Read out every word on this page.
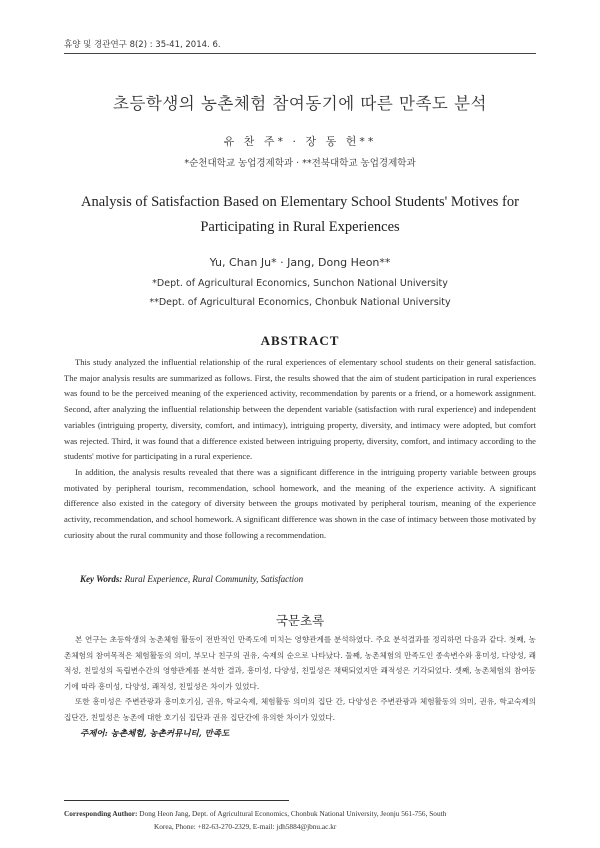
휴양 및 경관연구 8(2) : 35-41, 2014. 6.
초등학생의 농촌체험 참여동기에 따른 만족도 분석
유 찬 주* · 장 동 헌**
*순천대학교 농업경제학과 · **전북대학교 농업경제학과
Analysis of Satisfaction Based on Elementary School Students' Motives for
Participating in Rural Experiences
Yu, Chan Ju* · Jang, Dong Heon**
*Dept. of Agricultural Economics, Sunchon National University
**Dept. of Agricultural Economics, Chonbuk National University
ABSTRACT

This study analyzed the influential relationship of the rural experiences of elementary school students on their general satisfaction. The major analysis results are summarized as follows. First, the results showed that the aim of student participation in rural experiences was found to be the perceived meaning of the experienced activity, recommendation by parents or a friend, or a homework assignment. Second, after analyzing the influential relationship between the dependent variable (satisfaction with rural experience) and independent variables (intriguing property, diversity, comfort, and intimacy), intriguing property, diversity, and intimacy were adopted, but comfort was rejected. Third, it was found that a difference existed between intriguing property, diversity, comfort, and intimacy according to the students' motive for participating in a rural experience.

In addition, the analysis results revealed that there was a significant difference in the intriguing property variable between groups motivated by peripheral tourism, recommendation, school homework, and the meaning of the experience activity. A significant difference also existed in the category of diversity between the groups motivated by peripheral tourism, meaning of the experience activity, recommendation, and school homework. A significant difference was shown in the case of intimacy between those motivated by curiosity about the rural community and those following a recommendation.

Key Words: Rural Experience, Rural Community, Satisfaction
국문초록

본 연구는 초등학생의 농촌체험 활동이 전반적인 만족도에 미치는 영향관계를 분석하였다. 주요 분석결과를 정리하면 다음과 같다. 첫째, 농촌체험의 참여목적은 체험활동의 의미, 부모나 친구의 권유, 숙제의 순으로 나타났다. 둘째, 농촌체험의 만족도인 종속변수와 흥미성, 다양성, 쾌적성, 친밀성의 독립변수간의 영향관계를 분석한 결과, 흥미성, 다양성, 친밀성은 채택되었지만 쾌적성은 기각되었다. 셋째, 농촌체험의 참여동기에 따라 흥미성, 다양성, 쾌적성, 친밀성은 차이가 있었다.

또한 흥미성은 주변관광과 흥미호기심, 권유, 학교숙제, 체험활동 의미의 집단 간, 다양성은 주변관광과 체험활동의 의미, 권유, 학교숙제의 집단간, 친밀성은 농촌에 대한 호기심 집단과 권유 집단간에 유의한 차이가 있었다.

주제어: 농촌체험, 농촌커뮤니티, 만족도
Corresponding Author: Dong Heon Jang, Dept. of Agricultural Economics, Chonbuk National University, Jeonju 561-756, South
Korea, Phone: +82-63-270-2329, E-mail: jdh5884@jbnu.ac.kr
